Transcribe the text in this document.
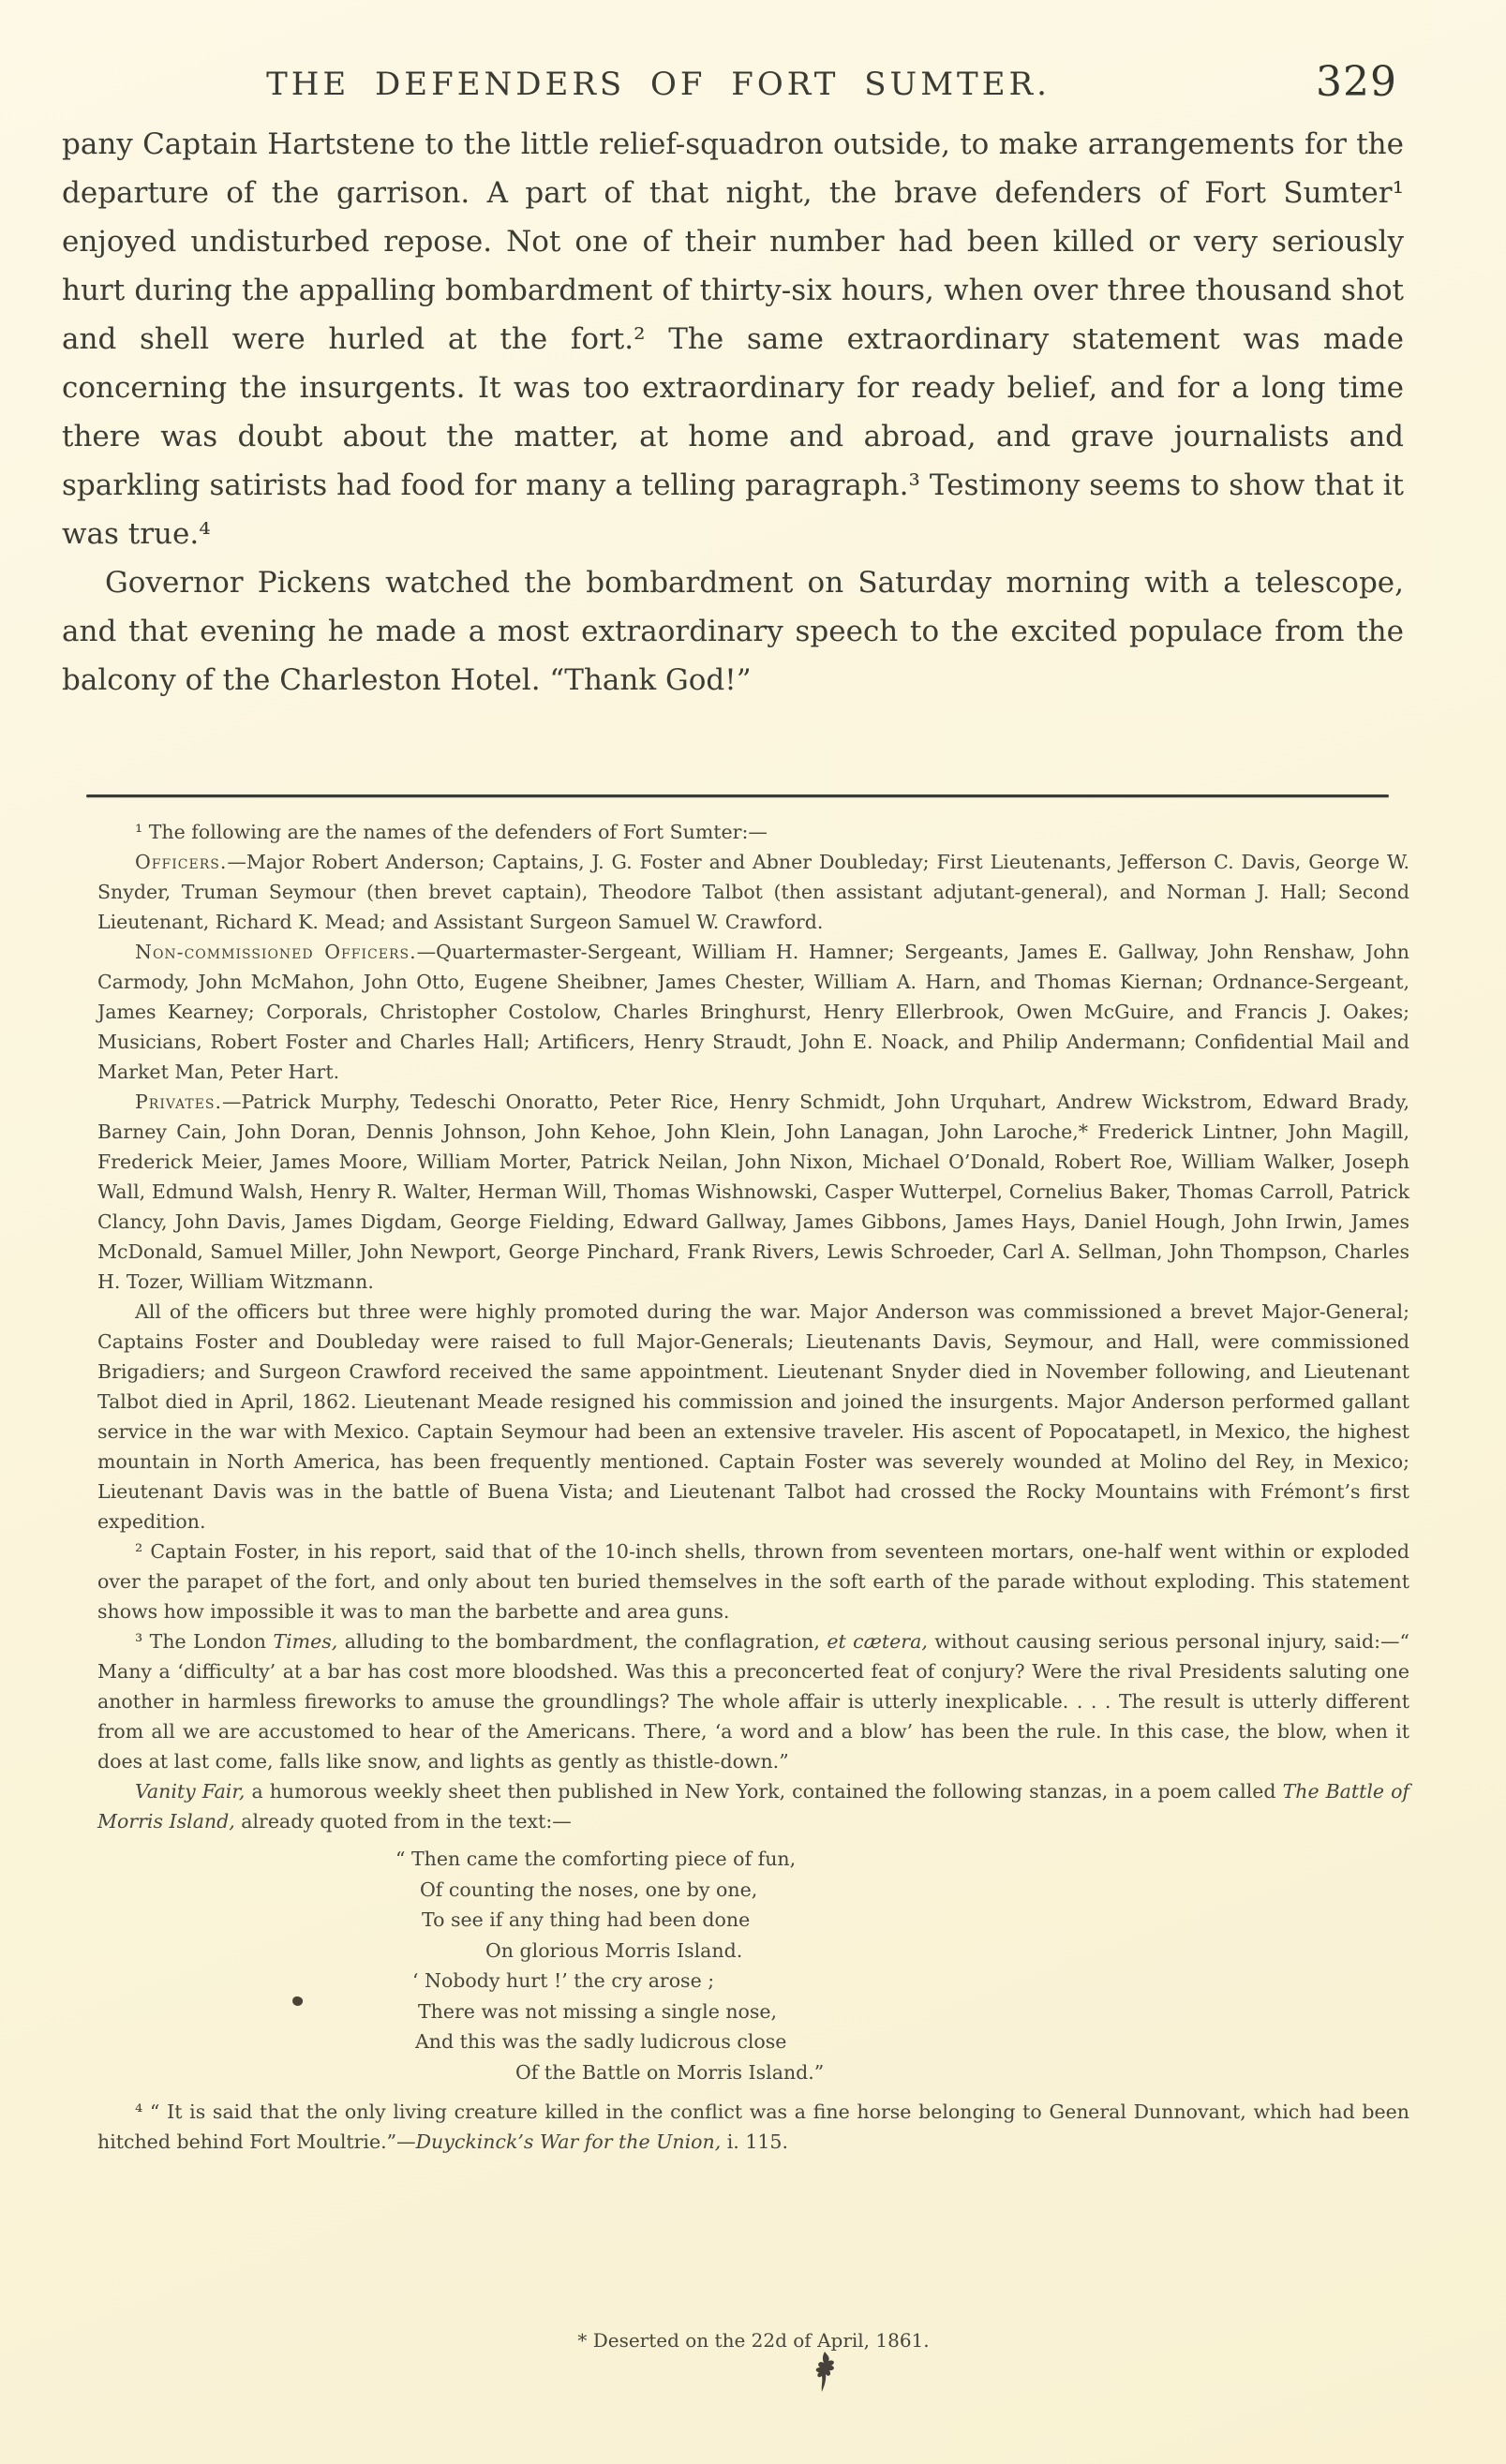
THE DEFENDERS OF FORT SUMTER.	329

pany Captain Hartstene to the little relief-squadron outside, to make arrangements for the departure of the garrison. A part of that night, the brave defenders of Fort Sumter¹ enjoyed undisturbed repose. Not one of their number had been killed or very seriously hurt during the appalling bombardment of thirty-six hours, when over three thousand shot and shell were hurled at the fort.² The same extraordinary statement was made concerning the insurgents. It was too extraordinary for ready belief, and for a long time there was doubt about the matter, at home and abroad, and grave journalists and sparkling satirists had food for many a telling paragraph.³ Testimony seems to show that it was true.⁴

Governor Pickens watched the bombardment on Saturday morning with a telescope, and that evening he made a most extraordinary speech to the excited populace from the balcony of the Charleston Hotel. “Thank God!”

¹ The following are the names of the defenders of Fort Sumter:—

Officers.—Major Robert Anderson; Captains, J. G. Foster and Abner Doubleday; First Lieutenants, Jefferson C. Davis, George W. Snyder, Truman Seymour (then brevet captain), Theodore Talbot (then assistant adjutant-general), and Norman J. Hall; Second Lieutenant, Richard K. Mead; and Assistant Surgeon Samuel W. Crawford.

Non-commissioned Officers.—Quartermaster-Sergeant, William H. Hamner; Sergeants, James E. Gallway, John Renshaw, John Carmody, John McMahon, John Otto, Eugene Sheibner, James Chester, William A. Harn, and Thomas Kiernan; Ordnance-Sergeant, James Kearney; Corporals, Christopher Costolow, Charles Bringhurst, Henry Ellerbrook, Owen McGuire, and Francis J. Oakes; Musicians, Robert Foster and Charles Hall; Artificers, Henry Straudt, John E. Noack, and Philip Andermann; Confidential Mail and Market Man, Peter Hart.

Privates.—Patrick Murphy, Tedeschi Onoratto, Peter Rice, Henry Schmidt, John Urquhart, Andrew Wickstrom, Edward Brady, Barney Cain, John Doran, Dennis Johnson, John Kehoe, John Klein, John Lanagan, John Laroche,* Frederick Lintner, John Magill, Frederick Meier, James Moore, William Morter, Patrick Neilan, John Nixon, Michael O’Donald, Robert Roe, William Walker, Joseph Wall, Edmund Walsh, Henry R. Walter, Herman Will, Thomas Wishnowski, Casper Wutterpel, Cornelius Baker, Thomas Carroll, Patrick Clancy, John Davis, James Digdam, George Fielding, Edward Gallway, James Gibbons, James Hays, Daniel Hough, John Irwin, James McDonald, Samuel Miller, John Newport, George Pinchard, Frank Rivers, Lewis Schroeder, Carl A. Sellman, John Thompson, Charles H. Tozer, William Witzmann.

All of the officers but three were highly promoted during the war. Major Anderson was commissioned a brevet Major-General; Captains Foster and Doubleday were raised to full Major-Generals; Lieutenants Davis, Seymour, and Hall, were commissioned Brigadiers; and Surgeon Crawford received the same appointment. Lieutenant Snyder died in November following, and Lieutenant Talbot died in April, 1862. Lieutenant Meade resigned his commission and joined the insurgents. Major Anderson performed gallant service in the war with Mexico. Captain Seymour had been an extensive traveler. His ascent of Popocatapetl, in Mexico, the highest mountain in North America, has been frequently mentioned. Captain Foster was severely wounded at Molino del Rey, in Mexico; Lieutenant Davis was in the battle of Buena Vista; and Lieutenant Talbot had crossed the Rocky Mountains with Frémont’s first expedition.

² Captain Foster, in his report, said that of the 10-inch shells, thrown from seventeen mortars, one-half went within or exploded over the parapet of the fort, and only about ten buried themselves in the soft earth of the parade without exploding. This statement shows how impossible it was to man the barbette and area guns.

³ The London Times, alluding to the bombardment, the conflagration, et cætera, without causing serious personal injury, said:—“ Many a ‘difficulty’ at a bar has cost more bloodshed. Was this a preconcerted feat of conjury? Were the rival Presidents saluting one another in harmless fireworks to amuse the groundlings? The whole affair is utterly inexplicable. . . . The result is utterly different from all we are accustomed to hear of the Americans. There, ‘a word and a blow’ has been the rule. In this case, the blow, when it does at last come, falls like snow, and lights as gently as thistle-down.”

Vanity Fair, a humorous weekly sheet then published in New York, contained the following stanzas, in a poem called The Battle of Morris Island, already quoted from in the text:—

“ Then came the comforting piece of fun,
Of counting the noses, one by one,
To see if any thing had been done
On glorious Morris Island.
‘ Nobody hurt !’ the cry arose ;
There was not missing a single nose,
And this was the sadly ludicrous close
Of the Battle on Morris Island.”

⁴ “ It is said that the only living creature killed in the conflict was a fine horse belonging to General Dunnovant, which had been hitched behind Fort Moultrie.”—Duyckinck’s War for the Union, i. 115.

* Deserted on the 22d of April, 1861.
